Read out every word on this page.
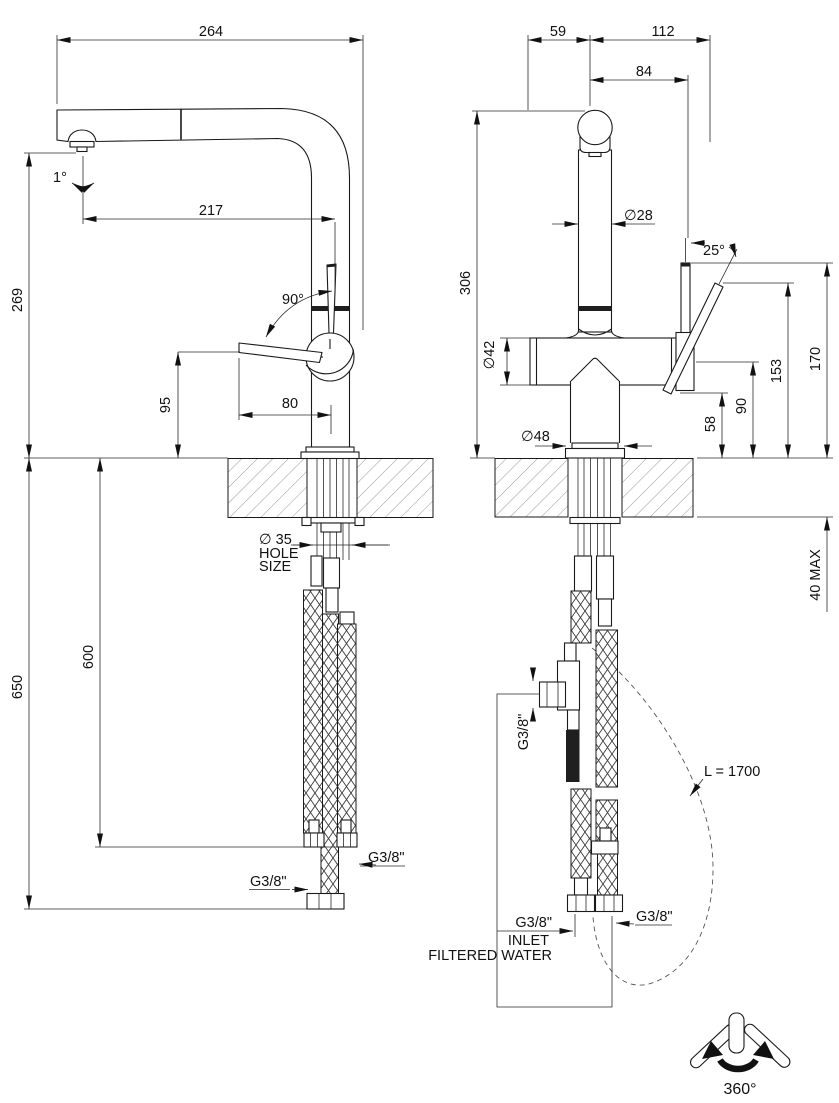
264
217
1°
269	90°
95	80
650
600
∅ 35
HOLE
SIZE
G3/8"
G3/8"
59	112
84
∅28
306
∅42
∅48
25°
58
90
153 170
40 MAX
G3/8"
L = 1700
G3/8"
INLET
FILTERED WATER
G3/8"
360°
